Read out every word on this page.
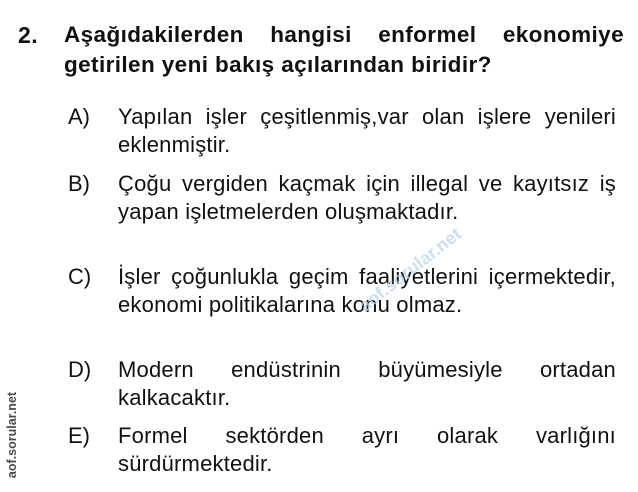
2. Aşağıdakilerden hangisi enformel ekonomiye getirilen yeni bakış açılarından biridir?
A) Yapılan işler çeşitlenmiş,var olan işlere yenileri eklenmiştir.
B) Çoğu vergiden kaçmak için illegal ve kayıtsız iş yapan işletmelerden oluşmaktadır.
C) İşler çoğunlukla geçim faaliyetlerini içermektedir, ekonomi politikalarına konu olmaz.
D) Modern endüstrinin büyümesiyle ortadan kalkacaktır.
E) Formel sektörden ayrı olarak varlığını sürdürmektedir.
aof.sorular.net
aof.sorular.net
